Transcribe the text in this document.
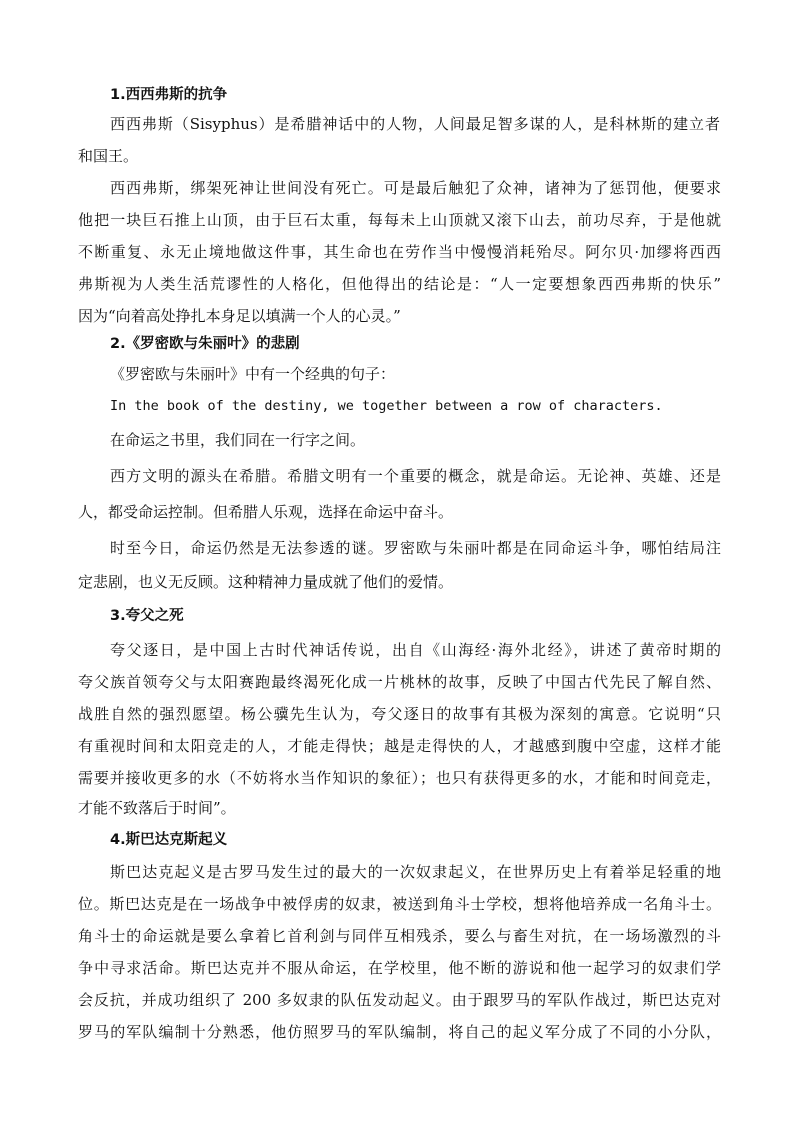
1.西西弗斯的抗争
西西弗斯（Sisyphus）是希腊神话中的人物，人间最足智多谋的人，是科林斯的建立者
和国王。
西西弗斯，绑架死神让世间没有死亡。可是最后触犯了众神，诸神为了惩罚他，便要求
他把一块巨石推上山顶，由于巨石太重，每每未上山顶就又滚下山去，前功尽弃，于是他就
不断重复、永无止境地做这件事，其生命也在劳作当中慢慢消耗殆尽。阿尔贝·加缪将西西
弗斯视为人类生活荒谬性的人格化，但他得出的结论是：“人一定要想象西西弗斯的快乐”
因为“向着高处挣扎本身足以填满一个人的心灵。”
2.《罗密欧与朱丽叶》的悲剧
《罗密欧与朱丽叶》中有一个经典的句子：
In the book of the destiny, we together between a row of characters.
在命运之书里，我们同在一行字之间。
西方文明的源头在希腊。希腊文明有一个重要的概念，就是命运。无论神、英雄、还是
人，都受命运控制。但希腊人乐观，选择在命运中奋斗。
时至今日，命运仍然是无法参透的谜。罗密欧与朱丽叶都是在同命运斗争，哪怕结局注
定悲剧，也义无反顾。这种精神力量成就了他们的爱情。
3.夸父之死
夸父逐日，是中国上古时代神话传说，出自《山海经·海外北经》，讲述了黄帝时期的
夸父族首领夸父与太阳赛跑最终渴死化成一片桃林的故事，反映了中国古代先民了解自然、
战胜自然的强烈愿望。杨公骥先生认为，夸父逐日的故事有其极为深刻的寓意。它说明“只
有重视时间和太阳竞走的人，才能走得快；越是走得快的人，才越感到腹中空虚，这样才能
需要并接收更多的水（不妨将水当作知识的象征）；也只有获得更多的水，才能和时间竞走，
才能不致落后于时间”。
4.斯巴达克斯起义
斯巴达克起义是古罗马发生过的最大的一次奴隶起义，在世界历史上有着举足轻重的地
位。斯巴达克是在一场战争中被俘虏的奴隶，被送到角斗士学校，想将他培养成一名角斗士。
角斗士的命运就是要么拿着匕首利剑与同伴互相残杀，要么与畜生对抗，在一场场激烈的斗
争中寻求活命。斯巴达克并不服从命运，在学校里，他不断的游说和他一起学习的奴隶们学
会反抗，并成功组织了 200 多奴隶的队伍发动起义。由于跟罗马的军队作战过，斯巴达克对
罗马的军队编制十分熟悉，他仿照罗马的军队编制，将自己的起义军分成了不同的小分队，
